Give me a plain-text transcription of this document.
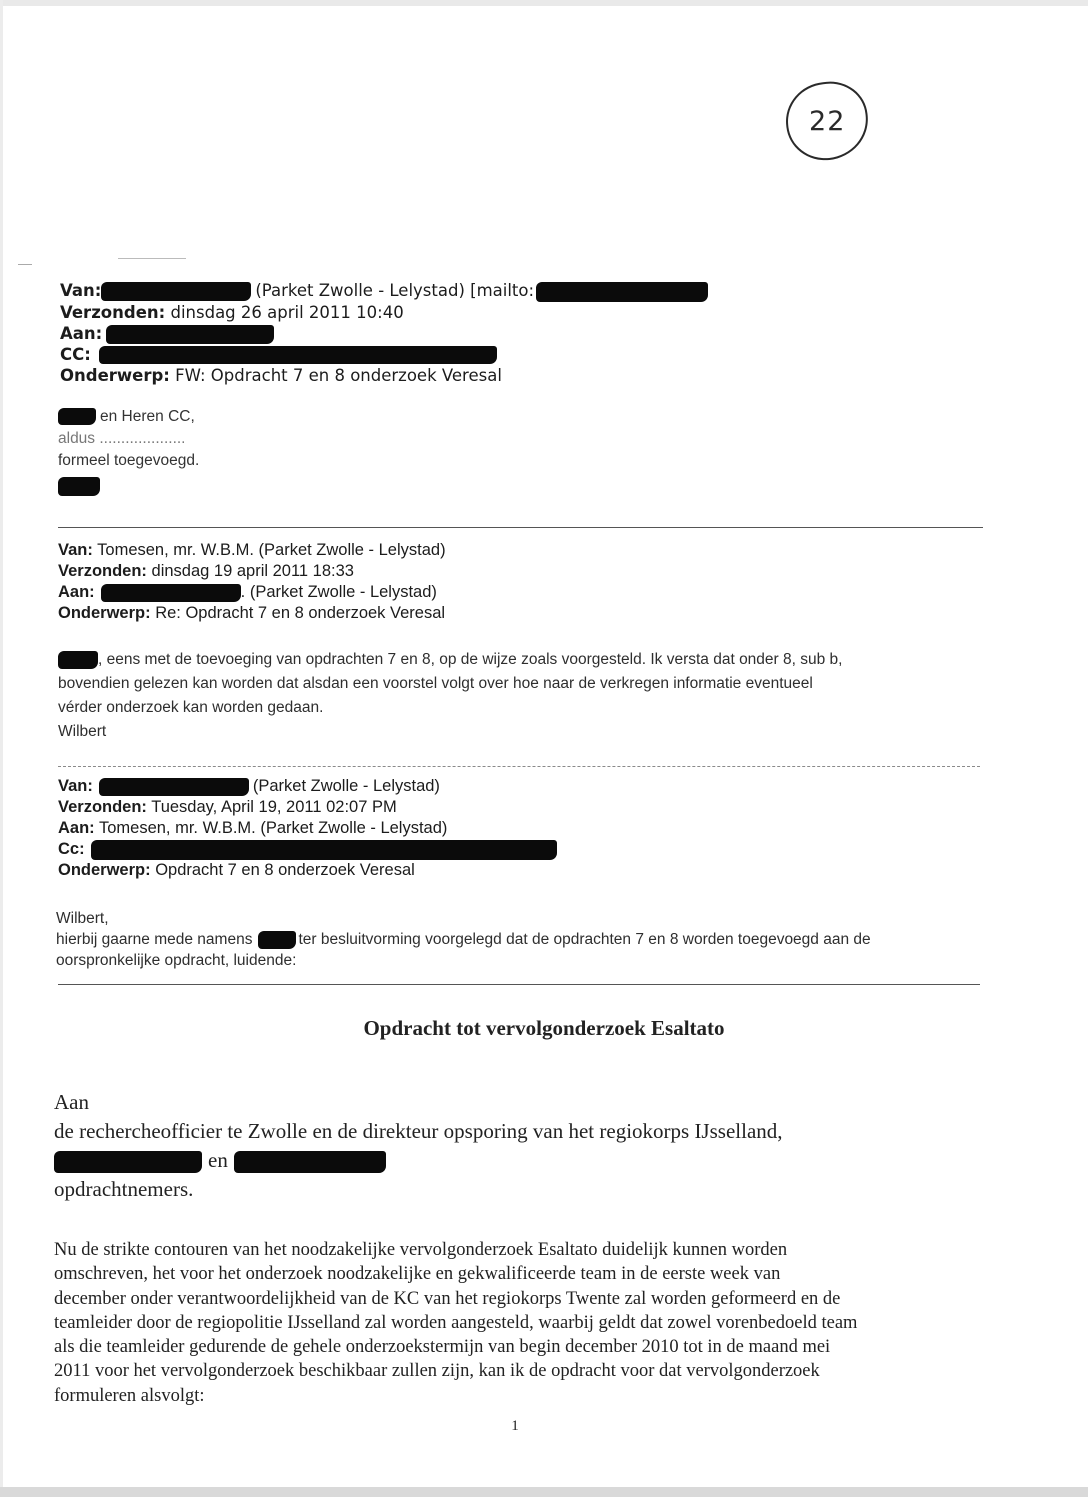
22
Van:	(Parket Zwolle - Lelystad) [mailto:
Verzonden: dinsdag 26 april 2011 10:40
Aan:
CC:
Onderwerp: FW: Opdracht 7 en 8 onderzoek Veresal
en Heren CC,
aldus ....................
formeel toegevoegd.
Van: Tomesen, mr. W.B.M. (Parket Zwolle - Lelystad)
Verzonden: dinsdag 19 april 2011 18:33
Aan:	. (Parket Zwolle - Lelystad)
Onderwerp: Re: Opdracht 7 en 8 onderzoek Veresal
, eens met de toevoeging van opdrachten 7 en 8, op de wijze zoals voorgesteld. Ik versta dat onder 8, sub b,
bovendien gelezen kan worden dat alsdan een voorstel volgt over hoe naar de verkregen informatie eventueel
vérder onderzoek kan worden gedaan.
Wilbert
Van:	(Parket Zwolle - Lelystad)
Verzonden: Tuesday, April 19, 2011 02:07 PM
Aan: Tomesen, mr. W.B.M. (Parket Zwolle - Lelystad)
Cc:
Onderwerp: Opdracht 7 en 8 onderzoek Veresal
Wilbert,
hierbij gaarne mede namens	ter besluitvorming voorgelegd dat de opdrachten 7 en 8 worden toegevoegd aan de
oorspronkelijke opdracht, luidende:
Opdracht tot vervolgonderzoek Esaltato
Aan
de rechercheofficier te Zwolle en de direkteur opsporing van het regiokorps IJsselland,
en
opdrachtnemers.
Nu de strikte contouren van het noodzakelijke vervolgonderzoek Esaltato duidelijk kunnen worden
omschreven, het voor het onderzoek noodzakelijke en gekwalificeerde team in de eerste week van
december onder verantwoordelijkheid van de KC van het regiokorps Twente zal worden geformeerd en de
teamleider door de regiopolitie IJsselland zal worden aangesteld, waarbij geldt dat zowel vorenbedoeld team
als die teamleider gedurende de gehele onderzoekstermijn van begin december 2010 tot in de maand mei
2011 voor het vervolgonderzoek beschikbaar zullen zijn, kan ik de opdracht voor dat vervolgonderzoek
formuleren alsvolgt:
1
